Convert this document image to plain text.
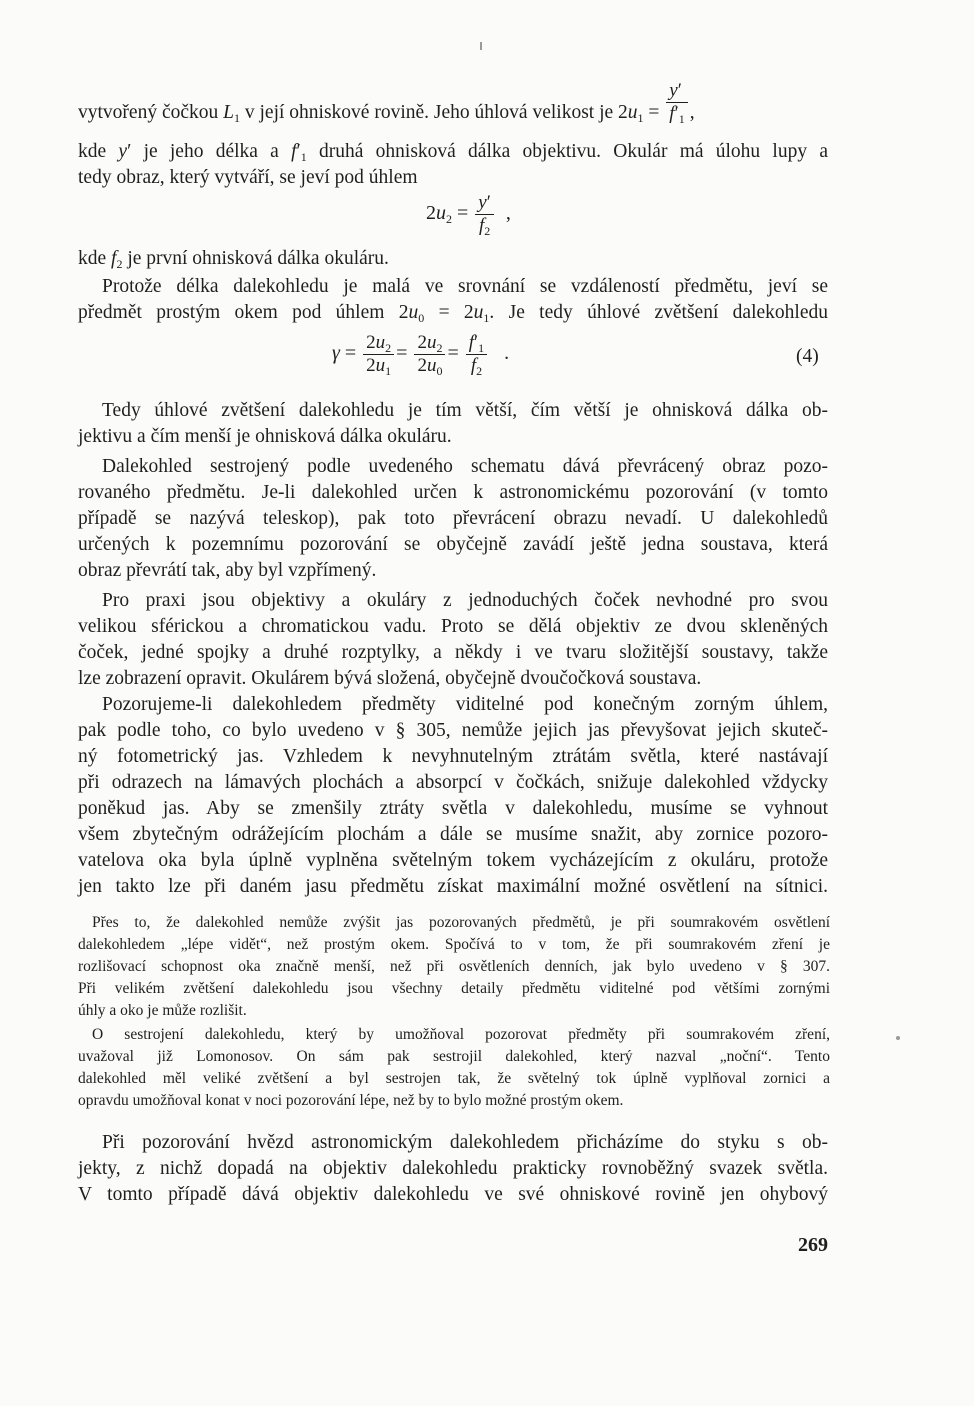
vytvořený čočkou $L_1$ v její ohniskové rovině. Jeho úhlová velikost je $2u_1 = \frac{y'}{f'_1}$ ,
kde y′ je jeho délka a $f'_1$ druhá ohnisková dálka objektivu. Okulár má úlohu lupy a
tedy obraz, který vytváří, se jeví pod úhlem
$2u_2 = \frac{y'}{f_2}$ ,
kde $f_2$ je první ohnisková dálka okuláru.
Protože délka dalekohledu je malá ve srovnání se vzdáleností předmětu, jeví se
předmět prostým okem pod úhlem $2u_0 = 2u_1$. Je tedy úhlové zvětšení dalekohledu
$\gamma = \frac{2u_2}{2u_1} = \frac{2u_2}{2u_0} = \frac{f'_1}{f_2}$ .	(4)
Tedy úhlové zvětšení dalekohledu je tím větší, čím větší je ohnisková dálka ob-
jektivu a čím menší je ohnisková dálka okuláru.
Dalekohled sestrojený podle uvedeného schematu dává převrácený obraz pozo-
rovaného předmětu. Je-li dalekohled určen k astronomickému pozorování (v tomto
případě se nazývá teleskop), pak toto převrácení obrazu nevadí. U dalekohledů
určených k pozemnímu pozorování se obyčejně zavádí ještě jedna soustava, která
obraz převrátí tak, aby byl vzpřímený.
Pro praxi jsou objektivy a okuláry z jednoduchých čoček nevhodné pro svou
velikou sférickou a chromatickou vadu. Proto se dělá objektiv ze dvou skleněných
čoček, jedné spojky a druhé rozptylky, a někdy i ve tvaru složitější soustavy, takže
lze zobrazení opravit. Okulárem bývá složená, obyčejně dvoučočková soustava.
Pozorujeme-li dalekohledem předměty viditelné pod konečným zorným úhlem,
pak podle toho, co bylo uvedeno v § 305, nemůže jejich jas převyšovat jejich skuteč-
ný fotometrický jas. Vzhledem k nevyhnutelným ztrátám světla, které nastávají
při odrazech na lámavých plochách a absorpcí v čočkách, snižuje dalekohled vždycky
poněkud jas. Aby se zmenšily ztráty světla v dalekohledu, musíme se vyhnout
všem zbytečným odrážejícím plochám a dále se musíme snažit, aby zornice pozoro-
vatelova oka byla úplně vyplněna světelným tokem vycházejícím z okuláru, protože
jen takto lze při daném jasu předmětu získat maximální možné osvětlení na sítnici.
Přes to, že dalekohled nemůže zvýšit jas pozorovaných předmětů, je při soumrakovém osvětlení
dalekohledem „lépe vidět“, než prostým okem. Spočívá to v tom, že při soumrakovém zření je
rozlišovací schopnost oka značně menší, než při osvětleních denních, jak bylo uvedeno v § 307.
Při velikém zvětšení dalekohledu jsou všechny detaily předmětu viditelné pod většími zornými
úhly a oko je může rozlišit.
O sestrojení dalekohledu, který by umožňoval pozorovat předměty při soumrakovém zření,
uvažoval již Lomonosov. On sám pak sestrojil dalekohled, který nazval „noční“. Tento
dalekohled měl veliké zvětšení a byl sestrojen tak, že světelný tok úplně vyplňoval zornici a
opravdu umožňoval konat v noci pozorování lépe, než by to bylo možné prostým okem.
Při pozorování hvězd astronomickým dalekohledem přicházíme do styku s ob-
jekty, z nichž dopadá na objektiv dalekohledu prakticky rovnoběžný svazek světla.
V tomto případě dává objektiv dalekohledu ve své ohniskové rovině jen ohybový
269
